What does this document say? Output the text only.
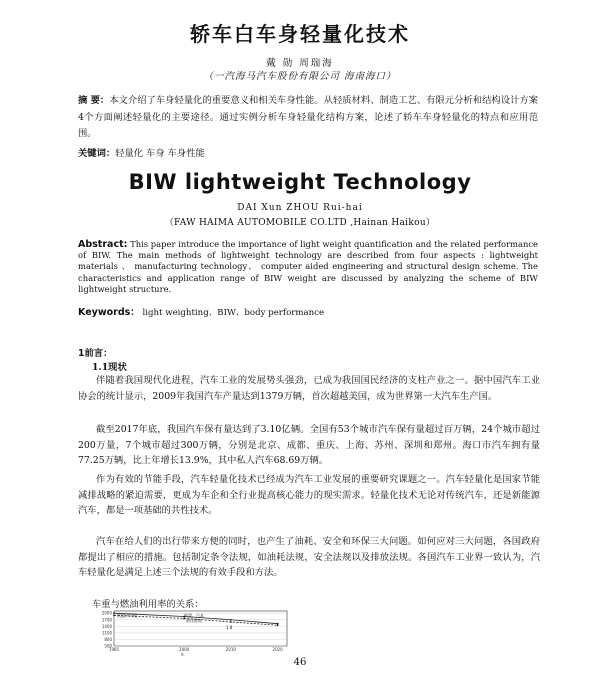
轿车白车身轻量化技术
戴 勋 周瑞海
（一汽海马汽车股份有限公司 海南海口）
摘 要：本文介绍了车身轻量化的重要意义和相关车身性能。从轻质材料、制造工艺、有限元分析和结构设计方案4个方面阐述轻量化的主要途径。通过实例分析车身轻量化结构方案，论述了轿车车身轻量化的特点和应用范围。
关键词：轻量化 车身 车身性能
BIW lightweight Technology
DAI Xun ZHOU Rui-hai
（FAW HAIMA AUTOMOBILE CO.LTD ,Hainan Haikou）
Abstract: This paper introduce the importance of light weight quantification and the related performance of BIW. The main methods of lightweight technology are described from four aspects : lightweight materials 、 manufacturing technology、 computer aided engineering and structural design scheme. The characteristics and application range of BIW weight are discussed by analyzing the scheme of BIW lightweight structure.
Keywords： light weighting、BIW、body performance
1前言：
1.1现状
伴随着我国现代化进程，汽车工业的发展势头强劲，已成为我国国民经济的支柱产业之一。据中国汽车工业协会的统计显示，2009年我国汽车产量达到1379万辆，首次超越美国，成为世界第一大汽车生产国。
截至2017年底，我国汽车保有量达到了3.10亿辆。全国有53个城市汽车保有量超过百万辆，24个城市超过200万量，7个城市超过300万辆，分别是北京、成都、重庆、上海、苏州、深圳和郑州。海口市汽车拥有量77.25万辆，比上年增长13.9%，其中私人汽车68.69万辆。
作为有效的节能手段，汽车轻量化技术已经成为汽车工业发展的重要研究课题之一。汽车轻量化是国家节能减排战略的紧迫需要，更成为车企和全行业提高核心能力的现实需求。轻量化技术无论对传统汽车，还是新能源汽车，都是一项基础的共性技术。
汽车在给人们的出行带来方便的同时，也产生了油耗、安全和环保三大问题。如何应对三大问题，各国政府都提出了相应的措施。包括制定条令法规，如油耗法规，安全法规以及排放法规。各国汽车工业界一致认为，汽车轻量化是满足上述三个法规的有效手段和方法。
车重与燃油利用率的关系：
500
800
1100
1400
1700
2000
1985	2000	2010	2020
年
欧盟平均值	欧盟，日本
最佳燃耗
1.8
46
